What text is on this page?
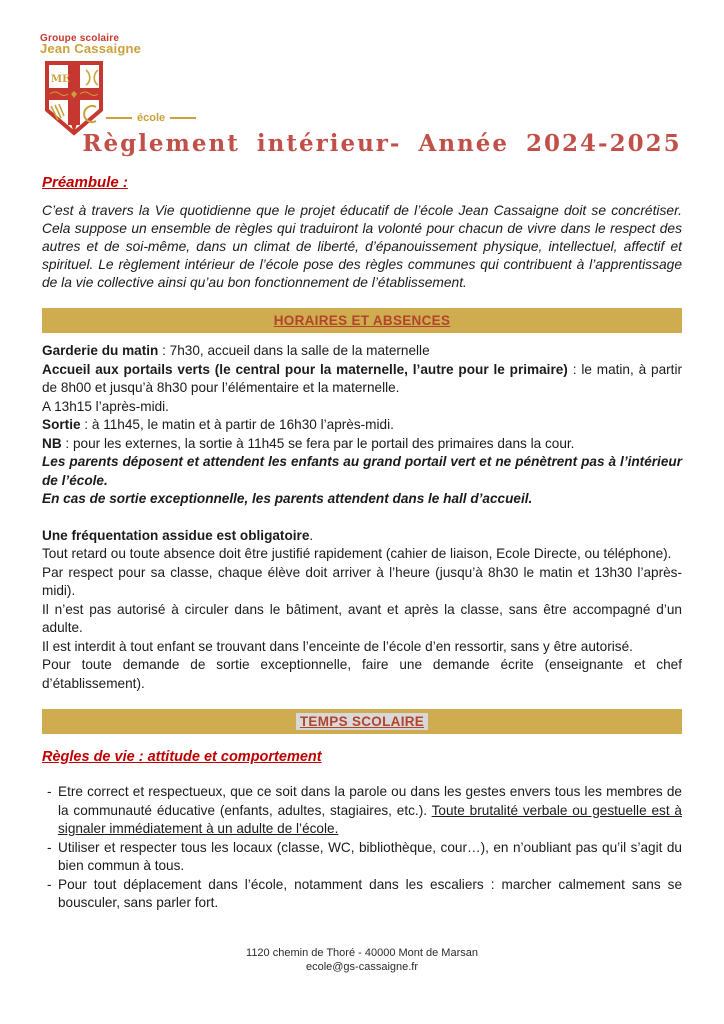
Groupe scolaire
Jean Cassaigne
ME
école
Règlement intérieur- Année 2024-2025
Préambule :

C’est à travers la Vie quotidienne que le projet éducatif de l’école Jean Cassaigne doit se concrétiser. Cela suppose un ensemble de règles qui traduiront la volonté pour chacun de vivre dans le respect des autres et de soi-même, dans un climat de liberté, d’épanouissement physique, intellectuel, affectif et spirituel. Le règlement intérieur de l’école pose des règles communes qui contribuent à l’apprentissage de la vie collective ainsi qu’au bon fonctionnement de l’établissement.

HORAIRES ET ABSENCES

Garderie du matin : 7h30, accueil dans la salle de la maternelle

Accueil aux portails verts (le central pour la maternelle, l’autre pour le primaire) : le matin, à partir de 8h00 et jusqu’à 8h30 pour l’élémentaire et la maternelle.

A 13h15 l’après-midi.

Sortie : à 11h45, le matin et à partir de 16h30 l’après-midi.

NB : pour les externes, la sortie à 11h45 se fera par le portail des primaires dans la cour.

Les parents déposent et attendent les enfants au grand portail vert et ne pénètrent pas à l’intérieur de l’école.

En cas de sortie exceptionnelle, les parents attendent dans le hall d’accueil.

Une fréquentation assidue est obligatoire.

Tout retard ou toute absence doit être justifié rapidement (cahier de liaison, Ecole Directe, ou téléphone).

Par respect pour sa classe, chaque élève doit arriver à l’heure (jusqu’à 8h30 le matin et 13h30 l’après-midi).

Il n’est pas autorisé à circuler dans le bâtiment, avant et après la classe, sans être accompagné d’un adulte.

Il est interdit à tout enfant se trouvant dans l’enceinte de l’école d’en ressortir, sans y être autorisé.

Pour toute demande de sortie exceptionnelle, faire une demande écrite (enseignante et chef d’établissement).

TEMPS SCOLAIRE
Règles de vie : attitude et comportement
- Etre correct et respectueux, que ce soit dans la parole ou dans les gestes envers tous les membres de la communauté éducative (enfants, adultes, stagiaires, etc.). Toute brutalité verbale ou gestuelle est à signaler immédiatement à un adulte de l’école.
- Utiliser et respecter tous les locaux (classe, WC, bibliothèque, cour…), en n’oubliant pas qu’il s’agit du bien commun à tous.
- Pour tout déplacement dans l’école, notamment dans les escaliers : marcher calmement sans se bousculer, sans parler fort.
1120 chemin de Thoré - 40000 Mont de Marsan
ecole@gs-cassaigne.fr
